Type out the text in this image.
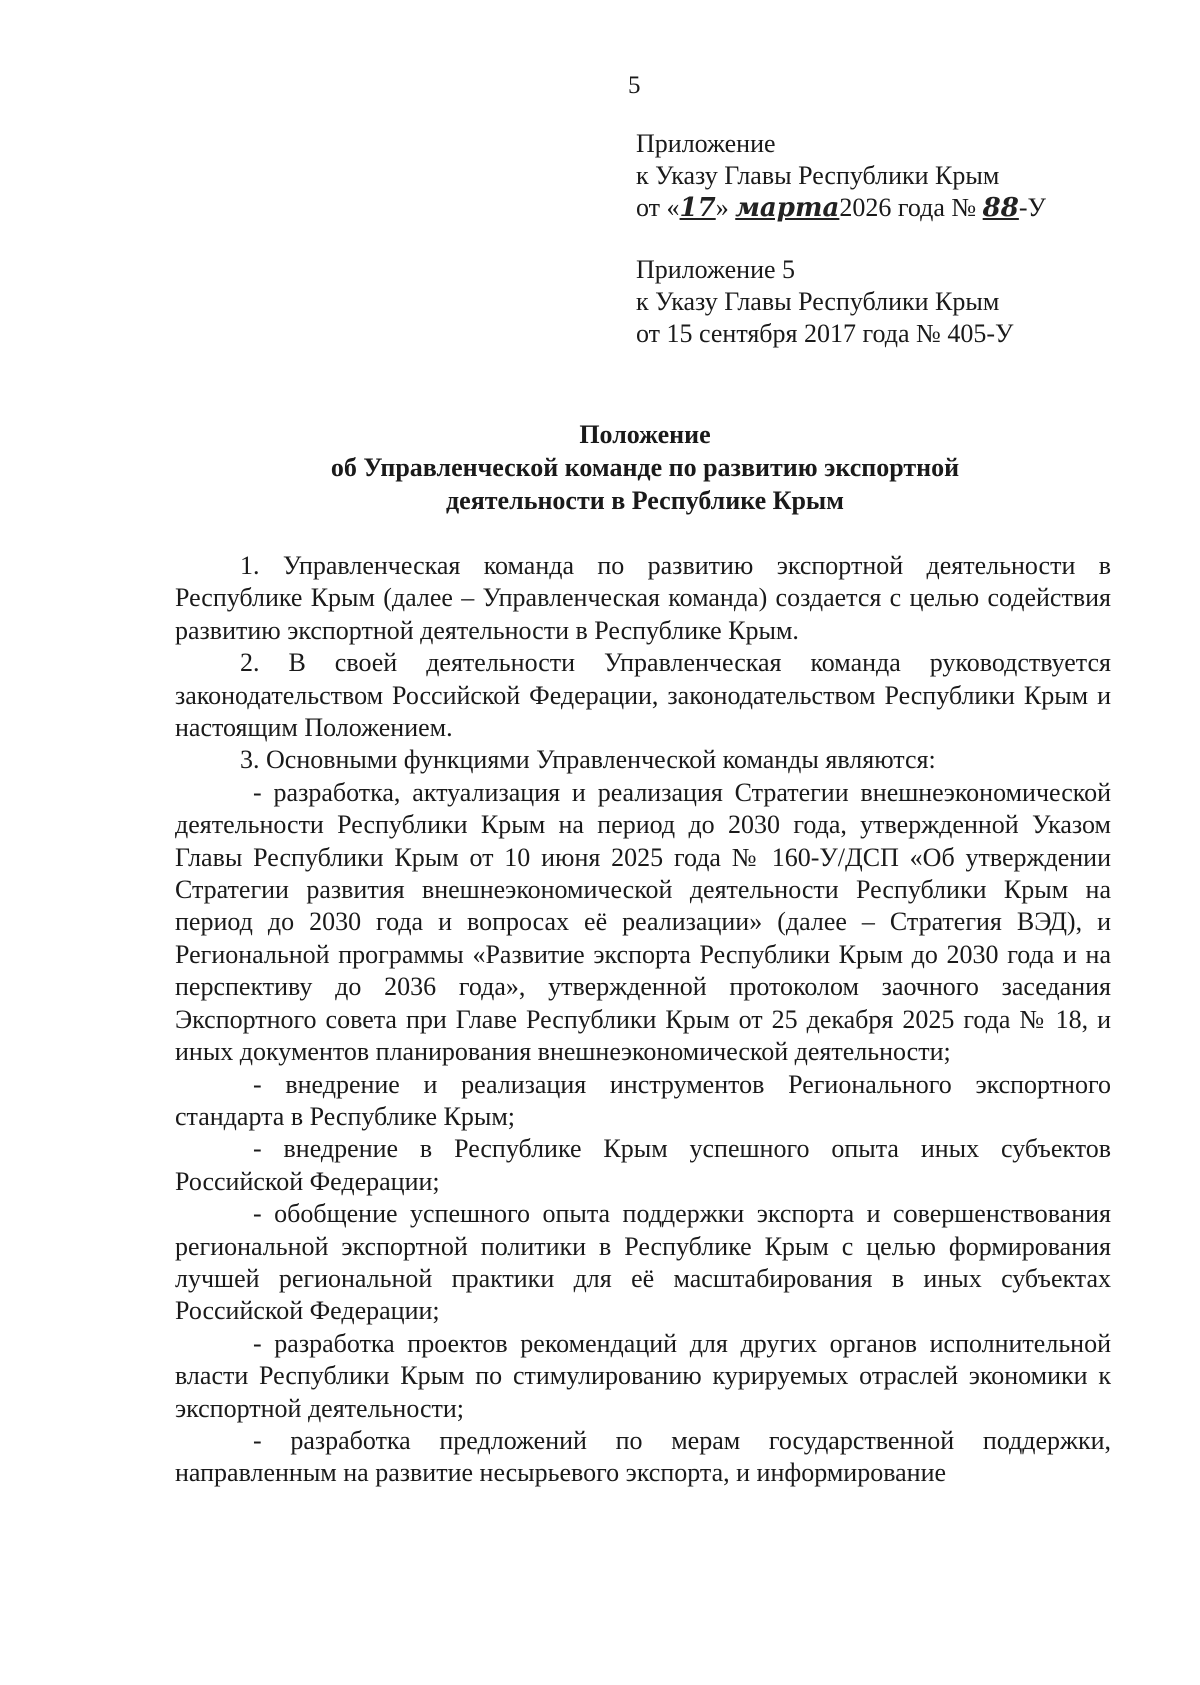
5
Приложение
к Указу Главы Республики Крым
от «17» марта2026 года № 88-У
Приложение 5
к Указу Главы Республики Крым
от 15 сентября 2017 года № 405-У
Положение
об Управленческой команде по развитию экспортной
деятельности в Республике Крым

1. Управленческая команда по развитию экспортной деятельности в Республике Крым (далее – Управленческая команда) создается с целью содействия развитию экспортной деятельности в Республике Крым.

2. В своей деятельности Управленческая команда руководствуется законодательством Российской Федерации, законодательством Республики Крым и настоящим Положением.

3. Основными функциями Управленческой команды являются:

- разработка, актуализация и реализация Стратегии внешнеэкономической деятельности Республики Крым на период до 2030 года, утвержденной Указом Главы Республики Крым от 10 июня 2025 года № 160-У/ДСП «Об утверждении Стратегии развития внешнеэкономической деятельности Республики Крым на период до 2030 года и вопросах её реализации» (далее – Стратегия ВЭД), и Региональной программы «Развитие экспорта Республики Крым до 2030 года и на перспективу до 2036 года», утвержденной протоколом заочного заседания Экспортного совета при Главе Республики Крым от 25 декабря 2025 года № 18, и иных документов планирования внешнеэкономической деятельности;

- внедрение и реализация инструментов Регионального экспортного стандарта в Республике Крым;

- внедрение в Республике Крым успешного опыта иных субъектов Российской Федерации;

- обобщение успешного опыта поддержки экспорта и совершенствования региональной экспортной политики в Республике Крым с целью формирования лучшей региональной практики для её масштабирования в иных субъектах Российской Федерации;

- разработка проектов рекомендаций для других органов исполнительной власти Республики Крым по стимулированию курируемых отраслей экономики к экспортной деятельности;

- разработка предложений по мерам государственной поддержки, направленным на развитие несырьевого экспорта, и информирование
